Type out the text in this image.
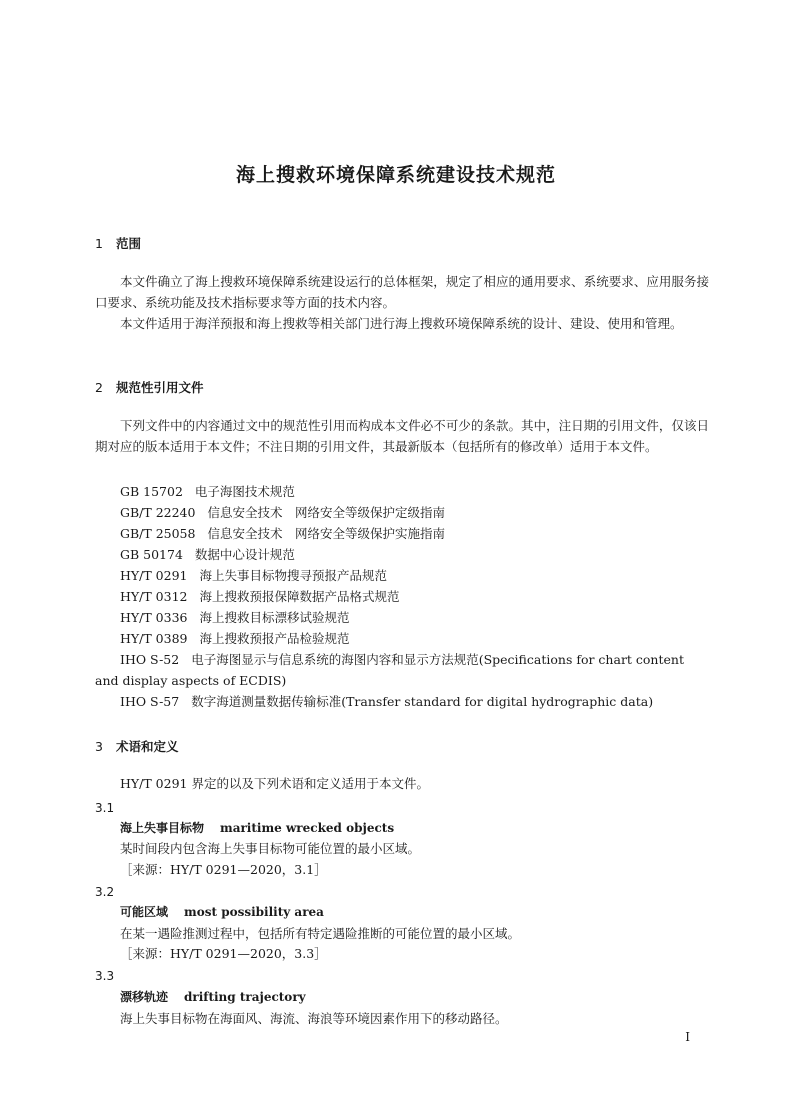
海上搜救环境保障系统建设技术规范
1 范围
本文件确立了海上搜救环境保障系统建设运行的总体框架，规定了相应的通用要求、系统要求、应用服务接口要求、系统功能及技术指标要求等方面的技术内容。
本文件适用于海洋预报和海上搜救等相关部门进行海上搜救环境保障系统的设计、建设、使用和管理。
2 规范性引用文件
下列文件中的内容通过文中的规范性引用而构成本文件必不可少的条款。其中，注日期的引用文件，仅该日期对应的版本适用于本文件；不注日期的引用文件，其最新版本（包括所有的修改单）适用于本文件。
GB 15702 电子海图技术规范
GB/T 22240 信息安全技术　网络安全等级保护定级指南
GB/T 25058 信息安全技术　网络安全等级保护实施指南
GB 50174 数据中心设计规范
HY/T 0291 海上失事目标物搜寻预报产品规范
HY/T 0312 海上搜救预报保障数据产品格式规范
HY/T 0336 海上搜救目标漂移试验规范
HY/T 0389 海上搜救预报产品检验规范
IHO S-52 电子海图显示与信息系统的海图内容和显示方法规范(Specifications for chart content
and display aspects of ECDIS)
IHO S-57 数字海道测量数据传输标准(Transfer standard for digital hydrographic data)
3 术语和定义
HY/T 0291 界定的以及下列术语和定义适用于本文件。
3.1
海上失事目标物 maritime wrecked objects
某时间段内包含海上失事目标物可能位置的最小区域。
［来源：HY/T 0291—2020，3.1］
3.2
可能区域 most possibility area
在某一遇险推测过程中，包括所有特定遇险推断的可能位置的最小区域。
［来源：HY/T 0291—2020，3.3］
3.3
漂移轨迹 drifting trajectory
海上失事目标物在海面风、海流、海浪等环境因素作用下的移动路径。
I
